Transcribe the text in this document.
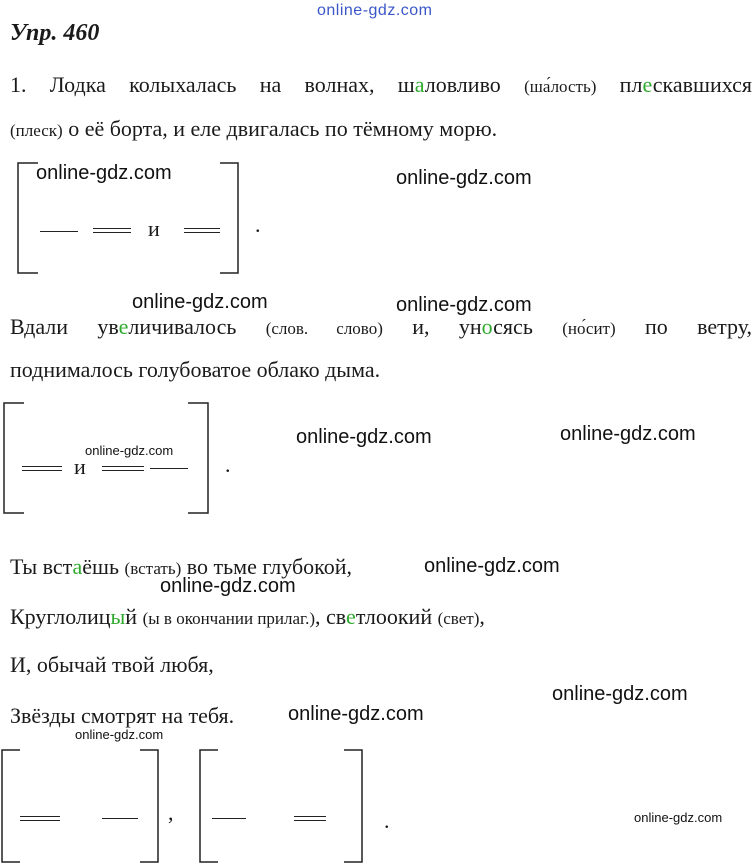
online-gdz.com
Упр. 460
1. Лодка колыхалась на волнах, шаловливо (ша ́лость) плескавшихся
(плеск) о её борта, и еле двигалась по тёмному морю.
и	.
Вдали увеличивалось (слов. слово) и, уносясь (но ́сит) по ветру,
поднималось голубоватое облако дыма.
и	.
Ты встаёшь (встать) во тьме глубокой,
Круглолицый (ы в окончании прилаг.), светлоокий (свет),
И, обычай твой любя,
Звёзды смотрят на тебя.
,	.
online-gdz.com	online-gdz.com
online-gdz.com	online-gdz.com
online-gdz.com
online-gdz.com	online-gdz.com
online-gdz.com
online-gdz.com
online-gdz.com
online-gdz.com
online-gdz.com
online-gdz.com
